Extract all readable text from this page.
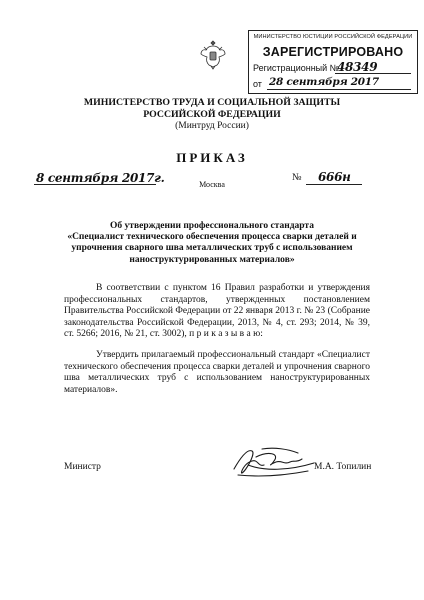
МИНИСТЕРСТВО ЮСТИЦИИ РОССИЙСКОЙ ФЕДЕРАЦИИ
ЗАРЕГИСТРИРОВАНО
Регистрационный №
48349
от 28 сентября 2017
МИНИСТЕРСТВО ТРУДА И СОЦИАЛЬНОЙ ЗАЩИТЫ
РОССИЙСКОЙ ФЕДЕРАЦИИ
(Минтруд России)
ПРИКАЗ
8 сентября 2017г.	Москва
№ 666н
Об утверждении профессионального стандарта
«Специалист технического обеспечения процесса сварки деталей и
упрочнения сварного шва металлических труб с использованием
наноструктурированных материалов»
В соответствии с пунктом 16 Правил разработки и утверждения профессиональных стандартов, утвержденных постановлением Правительства Российской Федерации от 22 января 2013 г. № 23 (Собрание законодательства Российской Федерации, 2013, № 4, ст. 293; 2014, № 39, ст. 5266; 2016, № 21, ст. 3002), п р и к а з ы в а ю:
Утвердить прилагаемый профессиональный стандарт «Специалист технического обеспечения процесса сварки деталей и упрочнения сварного шва металлических труб с использованием наноструктурированных материалов».
Министр	М.А. Топилин
